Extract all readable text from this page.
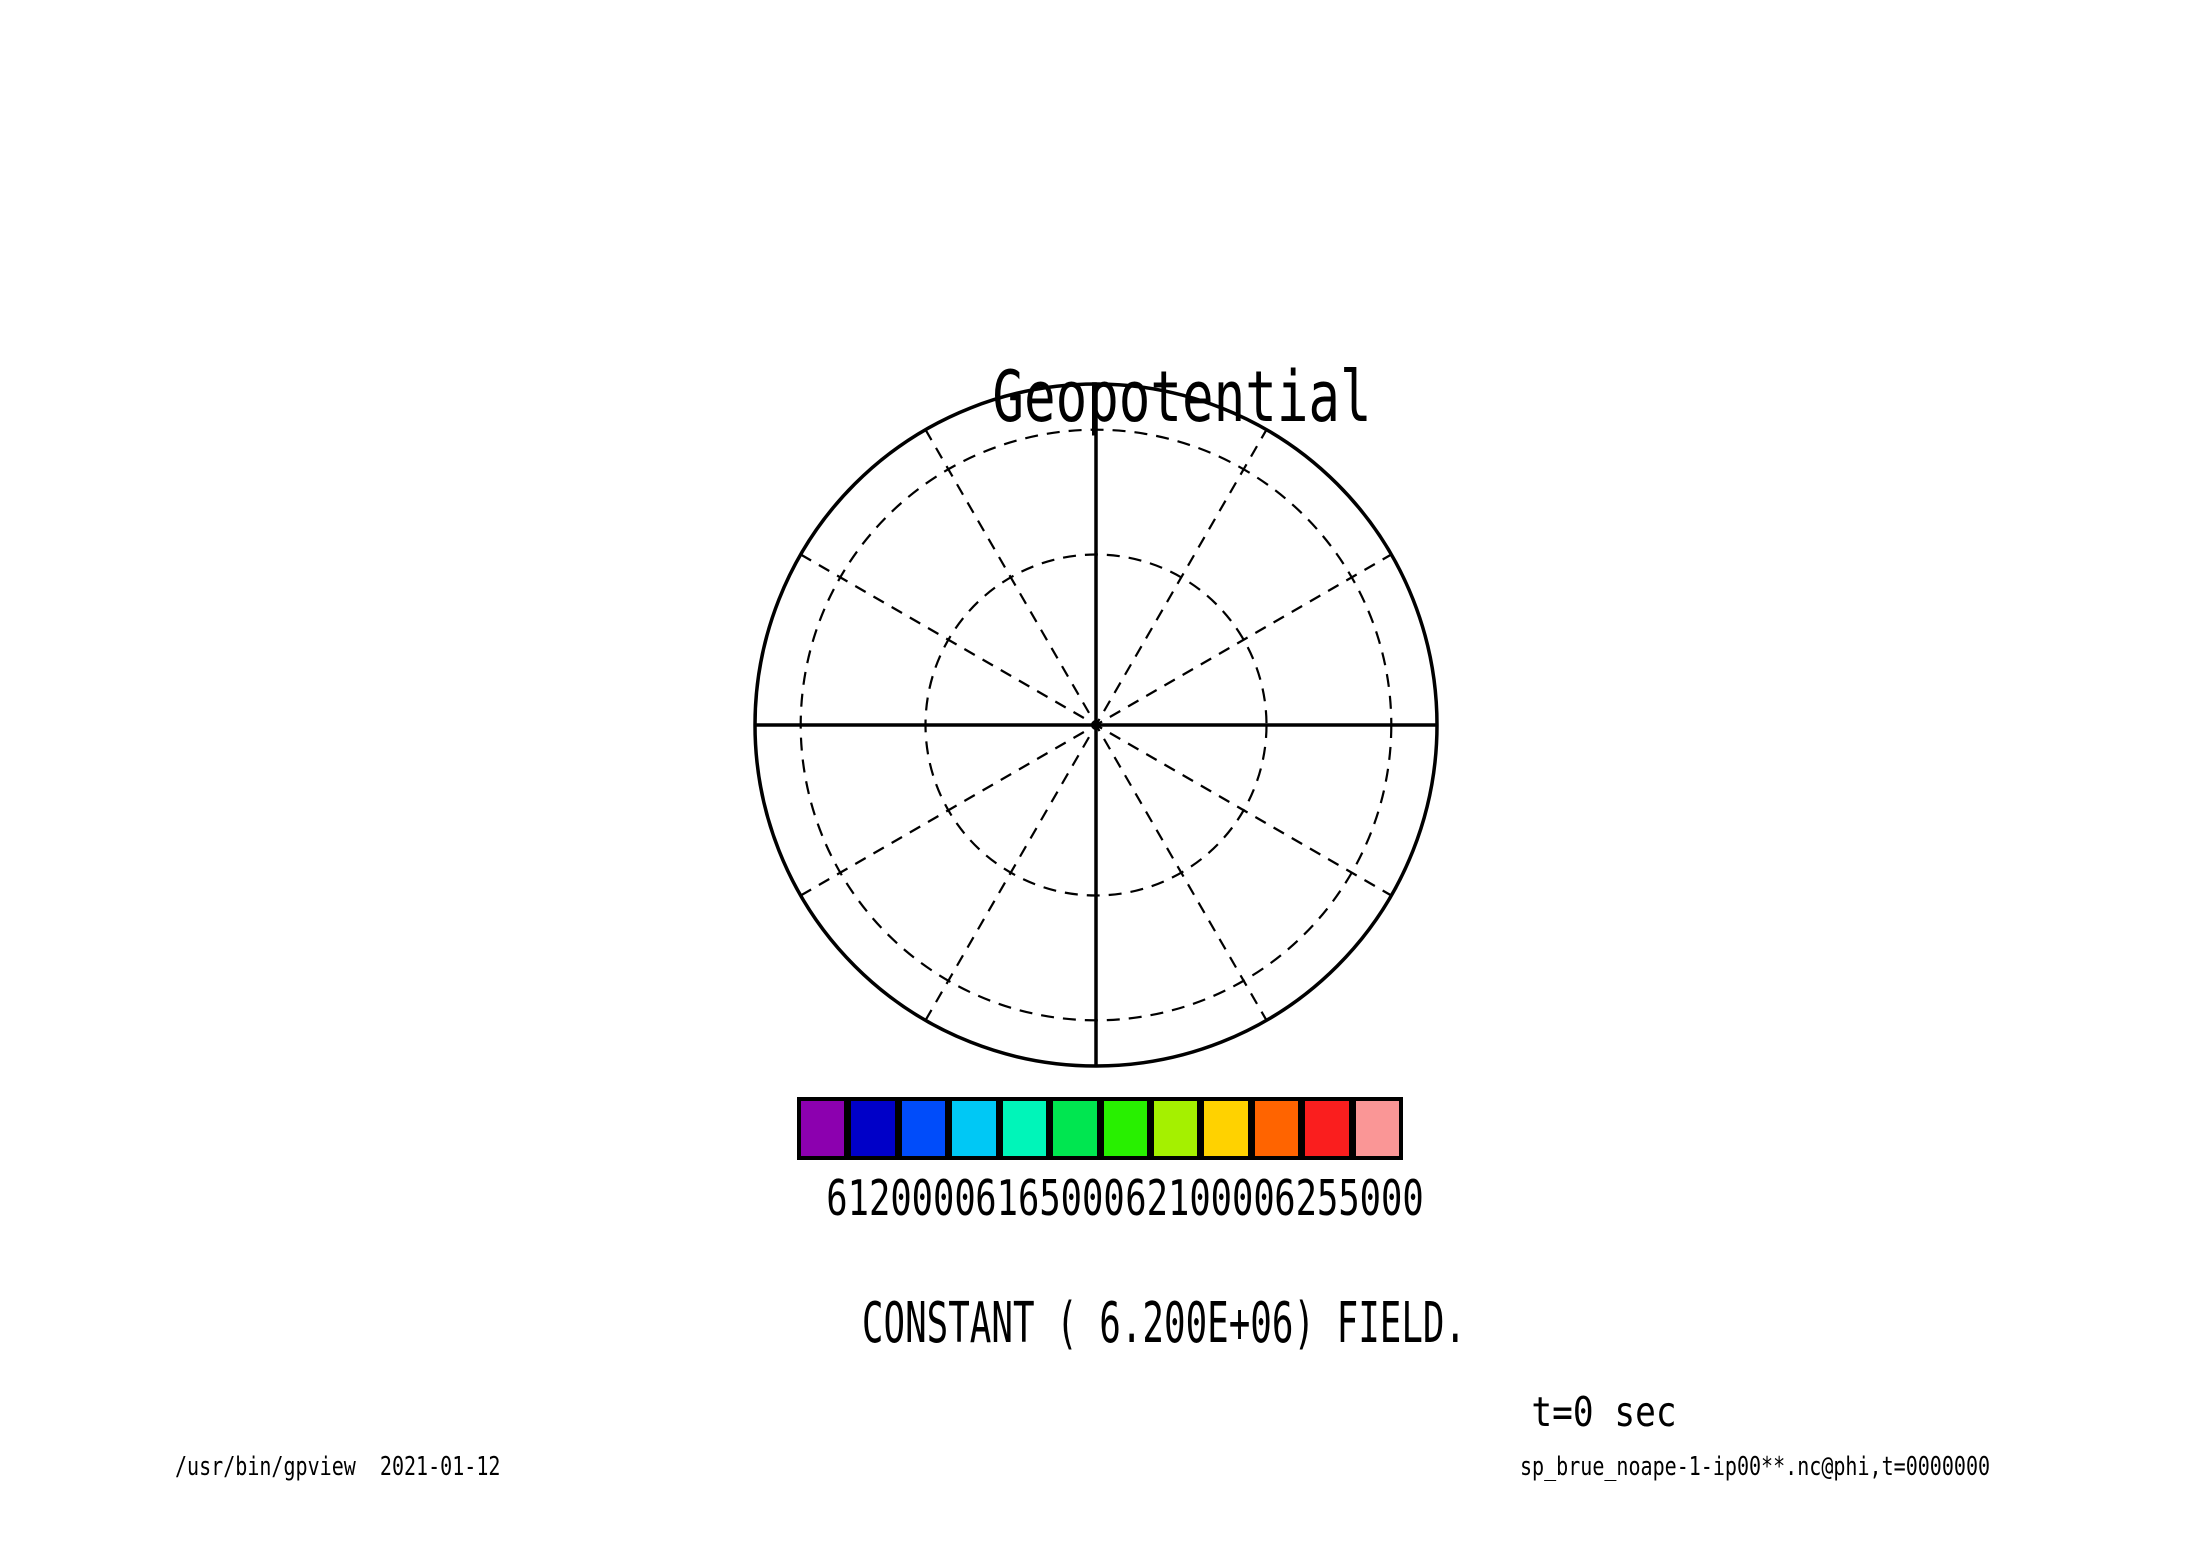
Geopotential

6120000 6165000 6210000 6255000

CONSTANT ( 6.200E+06) FIELD.

t=0 sec

/usr/bin/gpview  2021-01-12	sp_brue_noape-1-ip00**.nc@phi,t=0000000
